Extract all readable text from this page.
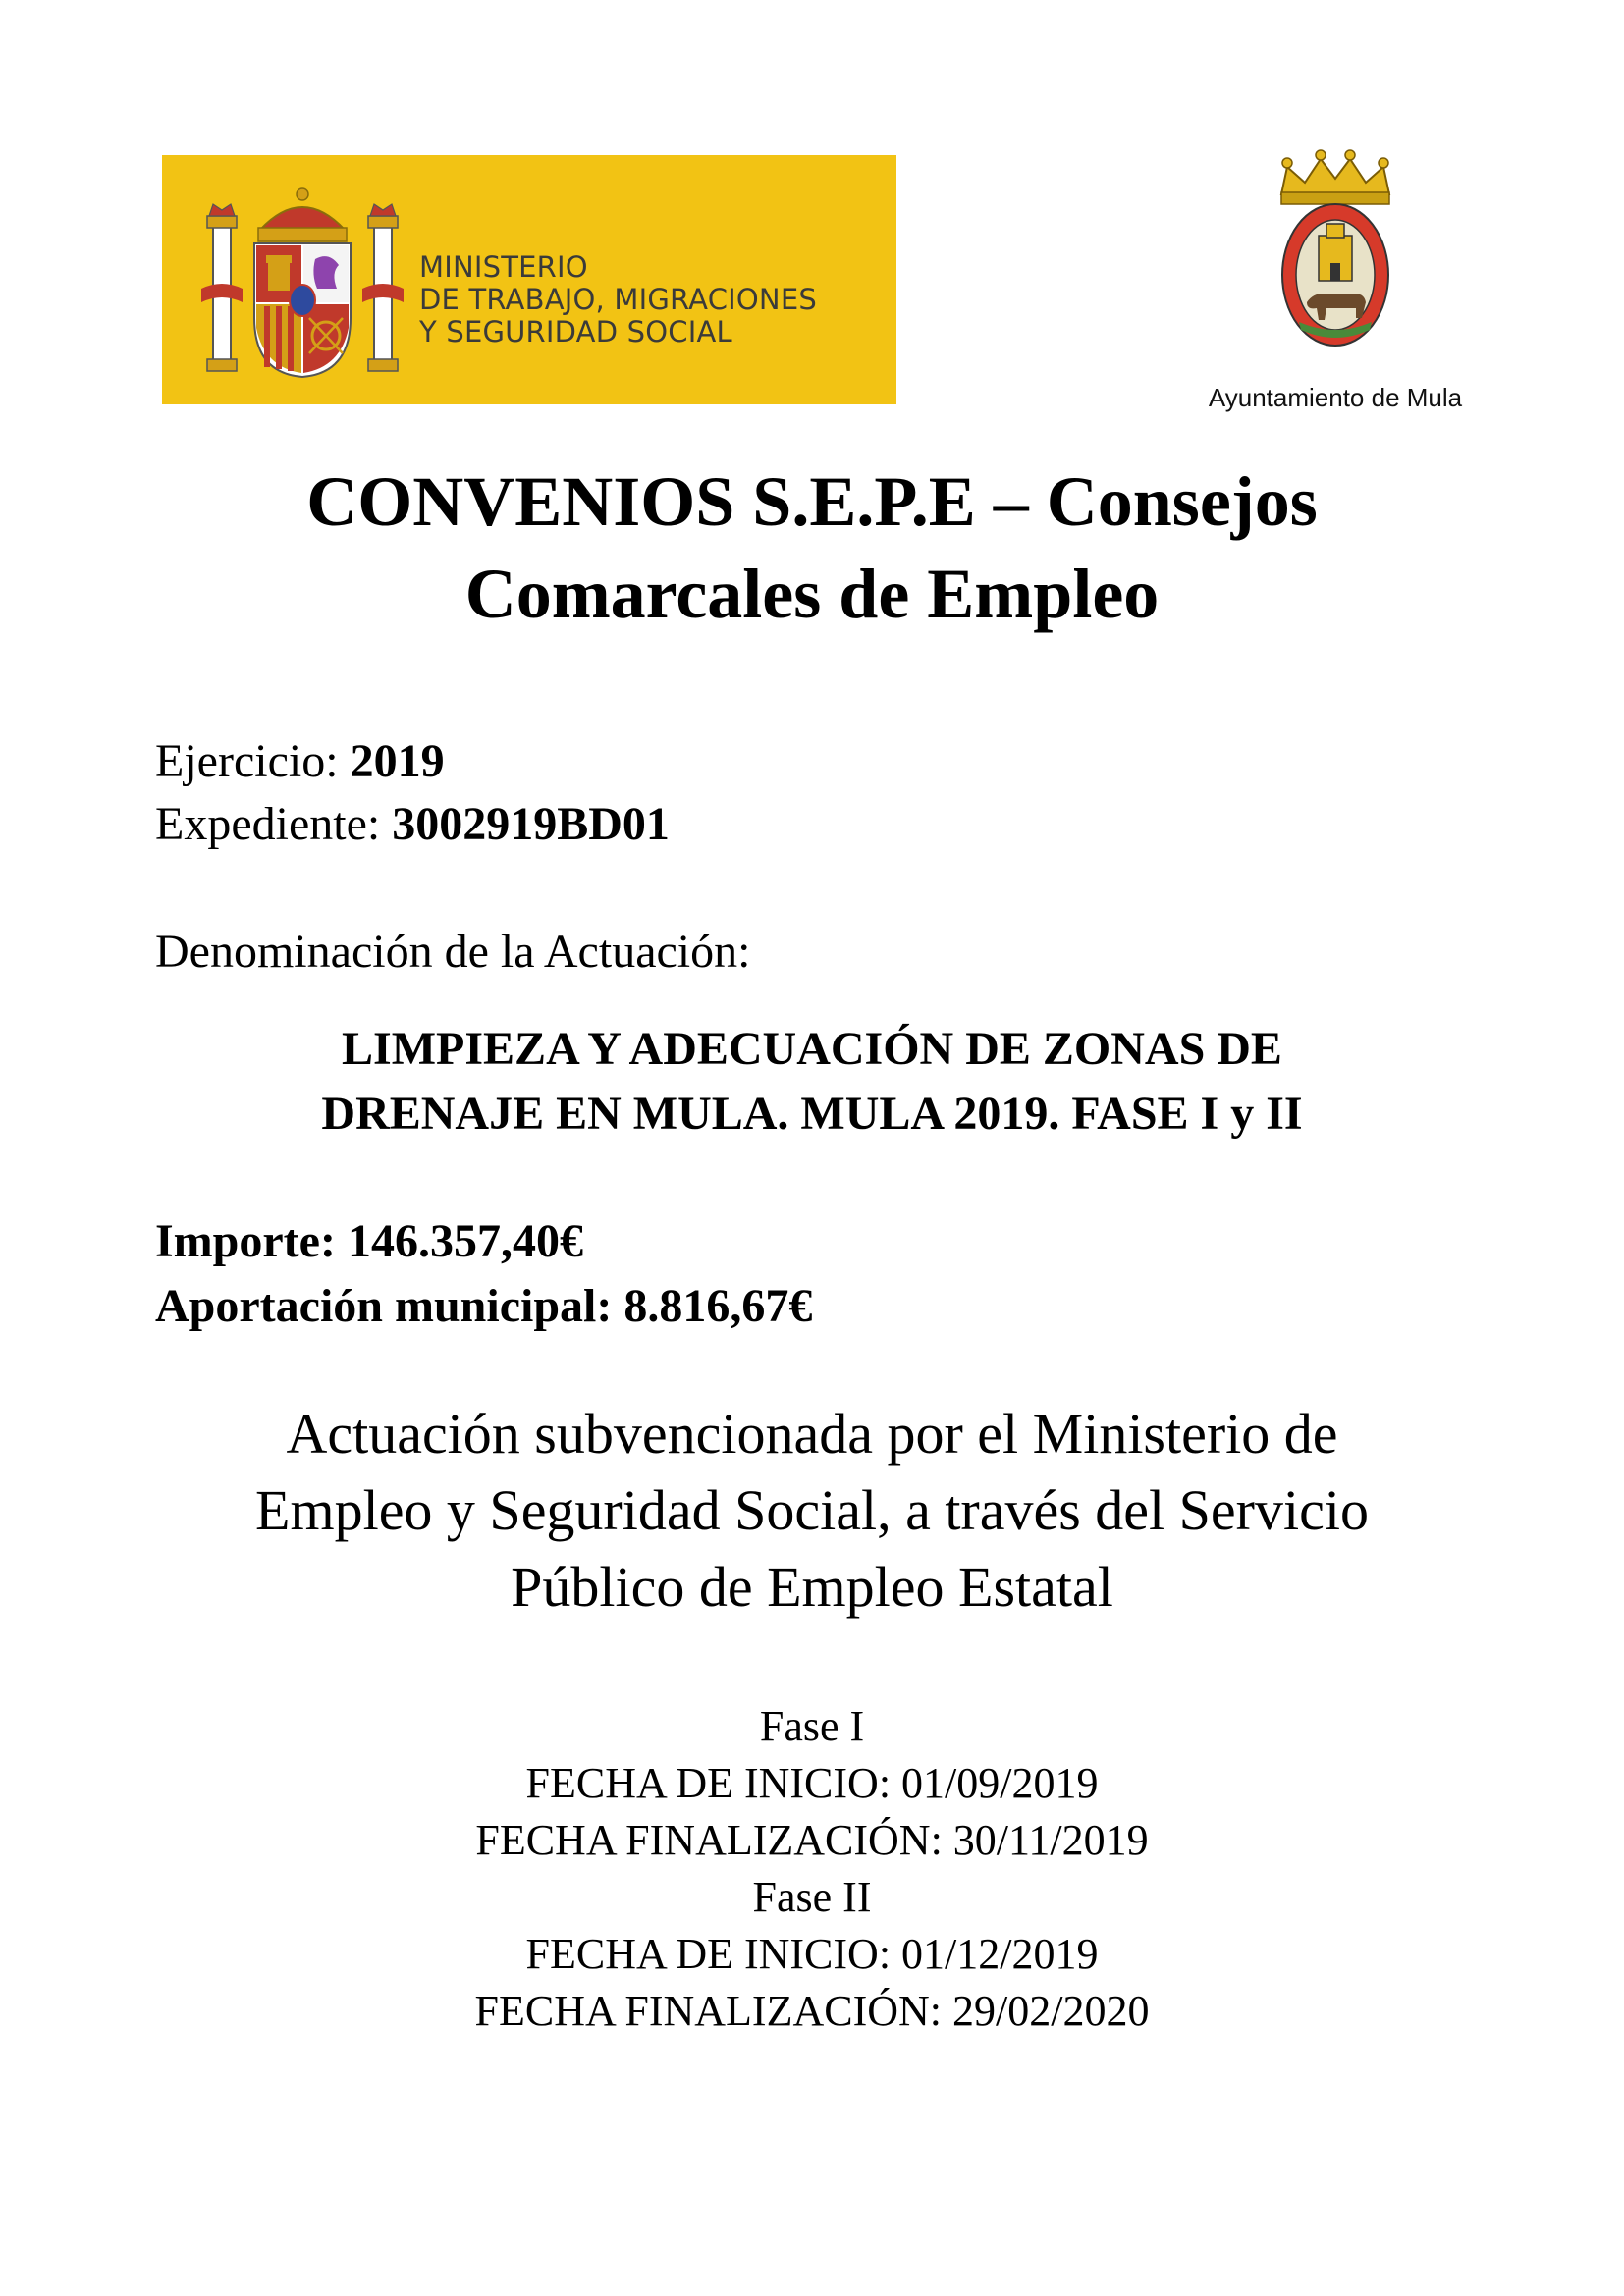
MINISTERIO
DE TRABAJO, MIGRACIONES
Y SEGURIDAD SOCIAL
Ayuntamiento de Mula
CONVENIOS S.E.P.E – Consejos
Comarcales de Empleo
Ejercicio: 2019
Expediente: 3002919BD01
Denominación de la Actuación:
LIMPIEZA Y ADECUACIÓN DE ZONAS DE
DRENAJE EN MULA. MULA 2019. FASE I y II
Importe: 146.357,40€
Aportación municipal: 8.816,67€
Actuación subvencionada por el Ministerio de
Empleo y Seguridad Social, a través del Servicio
Público de Empleo Estatal
Fase I
FECHA DE INICIO: 01/09/2019
FECHA FINALIZACIÓN: 30/11/2019
Fase II
FECHA DE INICIO: 01/12/2019
FECHA FINALIZACIÓN: 29/02/2020
